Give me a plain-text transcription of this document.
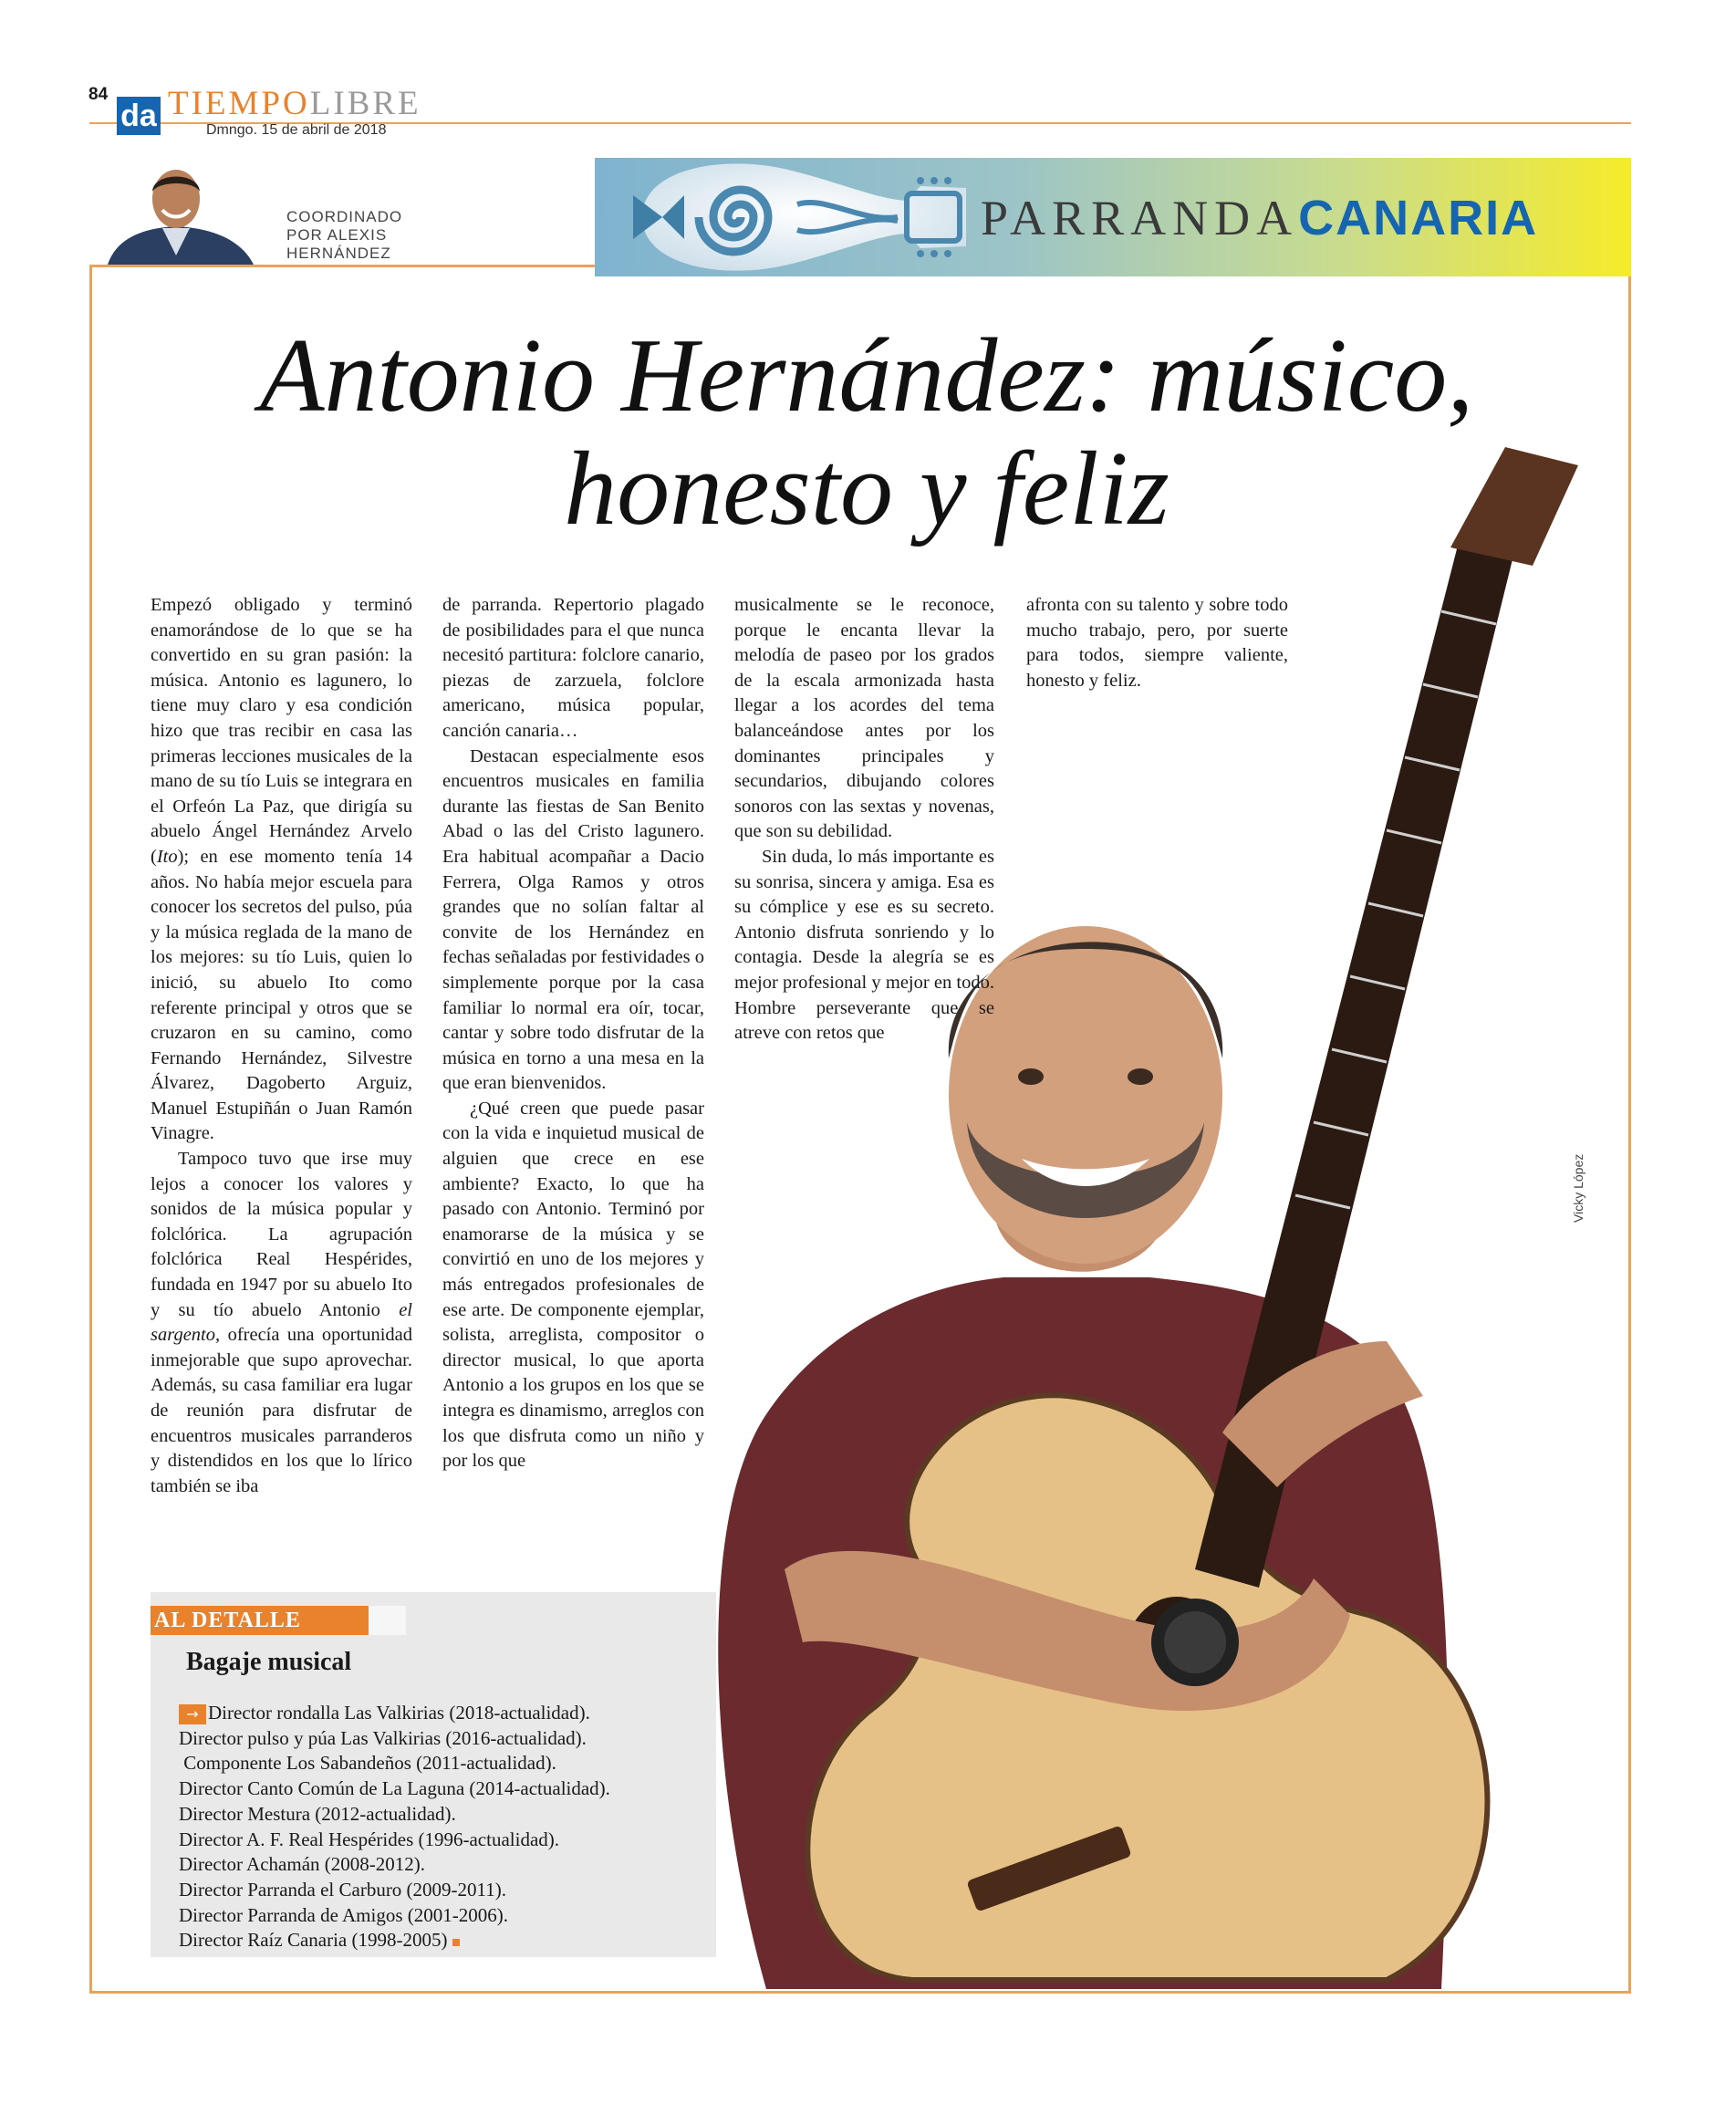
84
da TIEMPOLIBRE
Dmngo. 15 de abril de 2018
COORDINADO
POR ALEXIS
HERNÁNDEZ
PARRANDACANARIA
Antonio Hernández: músico,
honesto y feliz

Empezó obligado y terminó enamorándose de lo que se ha convertido en su gran pasión: la música. Antonio es lagunero, lo tiene muy claro y esa condición hizo que tras recibir en casa las primeras lecciones musicales de la mano de su tío Luis se integrara en el Orfeón La Paz, que dirigía su abuelo Ángel Hernández Arvelo (Ito); en ese momento tenía 14 años. No había mejor escuela para conocer los secretos del pulso, púa y la música reglada de la mano de los mejores: su tío Luis, quien lo inició, su abuelo Ito como referente principal y otros que se cruzaron en su camino, como Fernando Hernández, Silvestre Álvarez, Dagoberto Arguiz, Manuel Estupiñán o Juan Ramón Vinagre.

Tampoco tuvo que irse muy lejos a conocer los valores y sonidos de la música popular y folclórica. La agrupación folclórica Real Hespérides, fundada en 1947 por su abuelo Ito y su tío abuelo Antonio el sargento, ofrecía una oportunidad inmejorable que supo aprovechar. Además, su casa familiar era lugar de reunión para disfrutar de encuentros musicales parranderos y distendidos en los que lo lírico también se iba

de parranda. Repertorio plagado de posibilidades para el que nunca necesitó partitura: folclore canario, piezas de zarzuela, folclore americano, música popular, canción canaria…

Destacan especialmente esos encuentros musicales en familia durante las fiestas de San Benito Abad o las del Cristo lagunero. Era habitual acompañar a Dacio Ferrera, Olga Ramos y otros grandes que no solían faltar al convite de los Hernández en fechas señaladas por festividades o simplemente porque por la casa familiar lo normal era oír, tocar, cantar y sobre todo disfrutar de la música en torno a una mesa en la que eran bienvenidos.

¿Qué creen que puede pasar con la vida e inquietud musical de alguien que crece en ese ambiente? Exacto, lo que ha pasado con Antonio. Terminó por enamorarse de la música y se convirtió en uno de los mejores y más entregados profesionales de ese arte. De componente ejemplar, solista, arreglista, compositor o director musical, lo que aporta Antonio a los grupos en los que se integra es dinamismo, arreglos con los que disfruta como un niño y por los que

musicalmente se le reconoce, porque le encanta llevar la melodía de paseo por los grados de la escala armonizada hasta llegar a los acordes del tema balanceándose antes por los dominantes principales y secundarios, dibujando colores sonoros con las sextas y novenas, que son su debilidad.

Sin duda, lo más importante es su sonrisa, sincera y amiga. Esa es su cómplice y ese es su secreto. Antonio disfruta sonriendo y lo contagia. Desde la alegría se es mejor profesional y mejor en todo. Hombre perseverante que se atreve con retos que

afronta con su talento y sobre todo mucho trabajo, pero, por suerte para todos, siempre valiente, honesto y feliz.

Vicky López
AL DETALLE
Bagaje musical
→ Director rondalla Las Valkirias (2018-actualidad).
Director pulso y púa Las Valkirias (2016-actualidad).
Componente Los Sabandeños (2011-actualidad).
Director Canto Común de La Laguna (2014-actualidad).
Director Mestura (2012-actualidad).
Director A. F. Real Hespérides (1996-actualidad).
Director Achamán (2008-2012).
Director Parranda el Carburo (2009-2011).
Director Parranda de Amigos (2001-2006).
Director Raíz Canaria (1998-2005)
